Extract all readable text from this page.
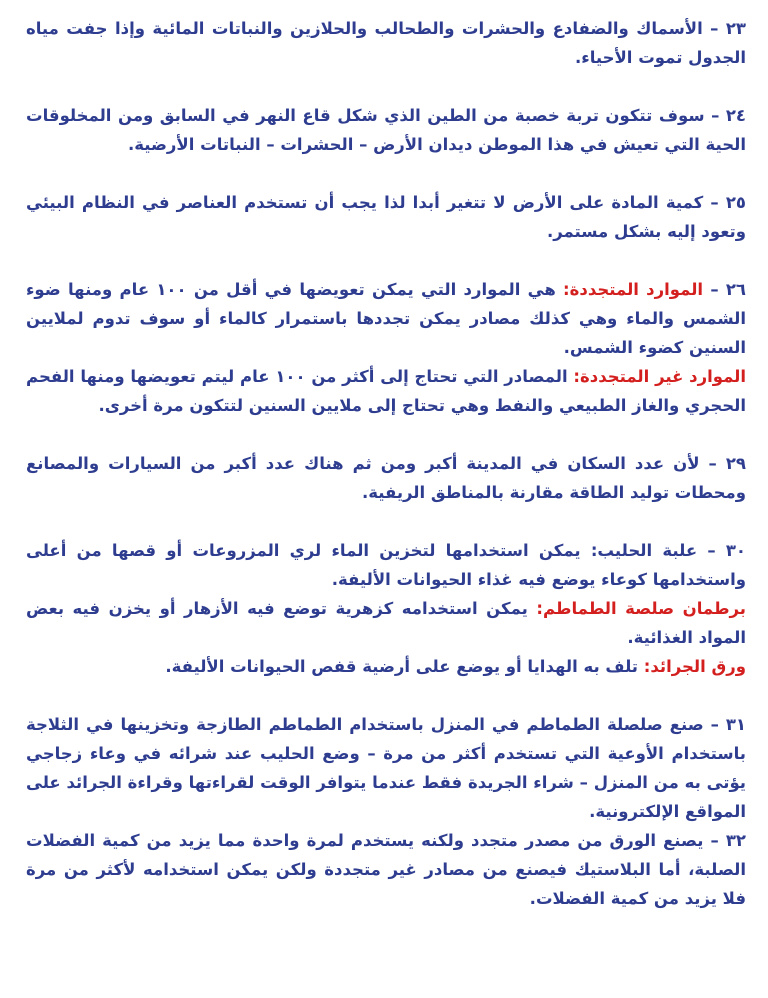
٢٣ – الأسماك والضفادع والحشرات والطحالب والحلازين والنباتات المائية وإذا جفت مياه الجدول تموت الأحياء.

٢٤ – سوف تتكون تربة خصبة من الطين الذي شكل قاع النهر في السابق ومن المخلوقات الحية التي تعيش في هذا الموطن ديدان الأرض – الحشرات – النباتات الأرضية.

٢٥ – كمية المادة على الأرض لا تتغير أبدا لذا يجب أن تستخدم العناصر في النظام البيئي وتعود إليه بشكل مستمر.

٢٦ – الموارد المتجددة: هي الموارد التي يمكن تعويضها في أقل من ١٠٠ عام ومنها ضوء الشمس والماء وهي كذلك مصادر يمكن تجددها باستمرار كالماء أو سوف تدوم لملايين السنين كضوء الشمس.

الموارد غير المتجددة: المصادر التي تحتاج إلى أكثر من ١٠٠ عام ليتم تعويضها ومنها الفحم الحجري والغاز الطبيعي والنفط وهي تحتاج إلى ملايين السنين لتتكون مرة أخرى.

٢٩ – لأن عدد السكان في المدينة أكبر ومن ثم هناك عدد أكبر من السيارات والمصانع ومحطات توليد الطاقة مقارنة بالمناطق الريفية.

٣٠ – علبة الحليب: يمكن استخدامها لتخزين الماء لري المزروعات أو قصها من أعلى واستخدامها كوعاء يوضع فيه غذاء الحيوانات الأليفة.

برطمان صلصة الطماطم: يمكن استخدامه كزهرية توضع فيه الأزهار أو يخزن فيه بعض المواد الغذائية.

ورق الجرائد: تلف به الهدايا أو يوضع على أرضية قفص الحيوانات الأليفة.

٣١ – صنع صلصلة الطماطم في المنزل باستخدام الطماطم الطازجة وتخزينها في الثلاجة باستخدام الأوعية التي تستخدم أكثر من مرة – وضع الحليب عند شرائه في وعاء زجاجي يؤتى به من المنزل – شراء الجريدة فقط عندما يتوافر الوقت لقراءتها وقراءة الجرائد على المواقع الإلكترونية.

٣٢ – يصنع الورق من مصدر متجدد ولكنه يستخدم لمرة واحدة مما يزيد من كمية الفضلات الصلبة، أما البلاستيك فيصنع من مصادر غير متجددة ولكن يمكن استخدامه لأكثر من مرة فلا يزيد من كمية الفضلات.
